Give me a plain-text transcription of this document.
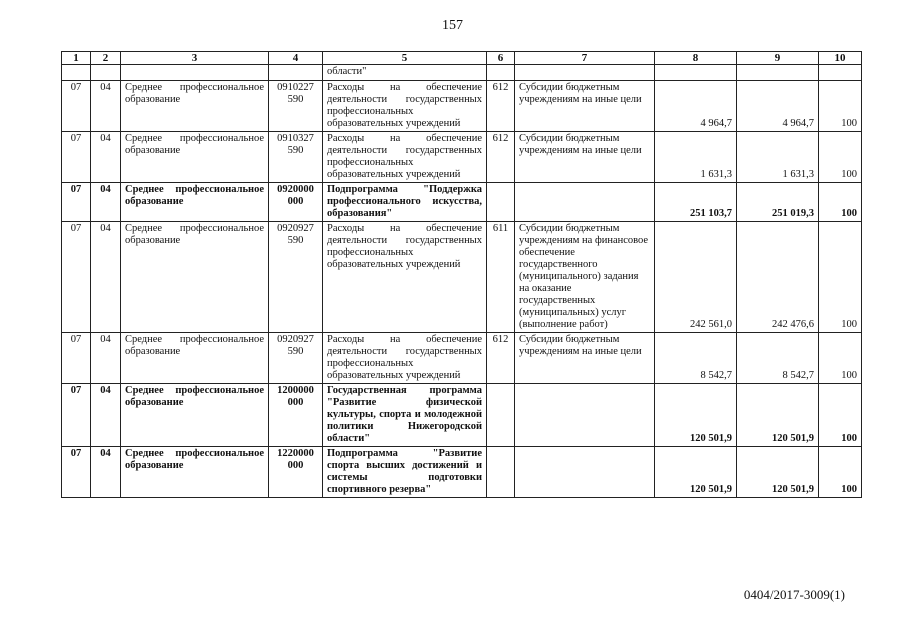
157
1	2	3	4	5	6	7	8	9	10
				области"					
07	04	Среднее профессиональное образование	0910227 590	Расходы на обеспечение деятельности государственных профессиональных образовательных учреждений	612	Субсидии бюджетным учреждениям на иные цели	4 964,7	4 964,7	100
07	04	Среднее профессиональное образование	0910327 590	Расходы на обеспечение деятельности государственных профессиональных образовательных учреждений	612	Субсидии бюджетным учреждениям на иные цели	1 631,3	1 631,3	100
07	04	Среднее профессиональное образование	0920000 000	Подпрограмма "Поддержка профессионального искусства, образования"			251 103,7	251 019,3	100
07	04	Среднее профессиональное образование	0920927 590	Расходы на обеспечение деятельности государственных профессиональных образовательных учреждений	611	Субсидии бюджетным учреждениям на финансовое обеспечение государственного (муниципального) задания на оказание государственных (муниципальных) услуг (выполнение работ)	242 561,0	242 476,6	100
07	04	Среднее профессиональное образование	0920927 590	Расходы на обеспечение деятельности государственных профессиональных образовательных учреждений	612	Субсидии бюджетным учреждениям на иные цели	8 542,7	8 542,7	100
07	04	Среднее профессиональное образование	1200000 000	Государственная программа "Развитие физической культуры, спорта и молодежной политики Нижегородской области"			120 501,9	120 501,9	100
07	04	Среднее профессиональное образование	1220000 000	Подпрограмма "Развитие спорта высших достижений и системы подготовки спортивного резерва"			120 501,9	120 501,9	100
0404/2017-3009(1)
